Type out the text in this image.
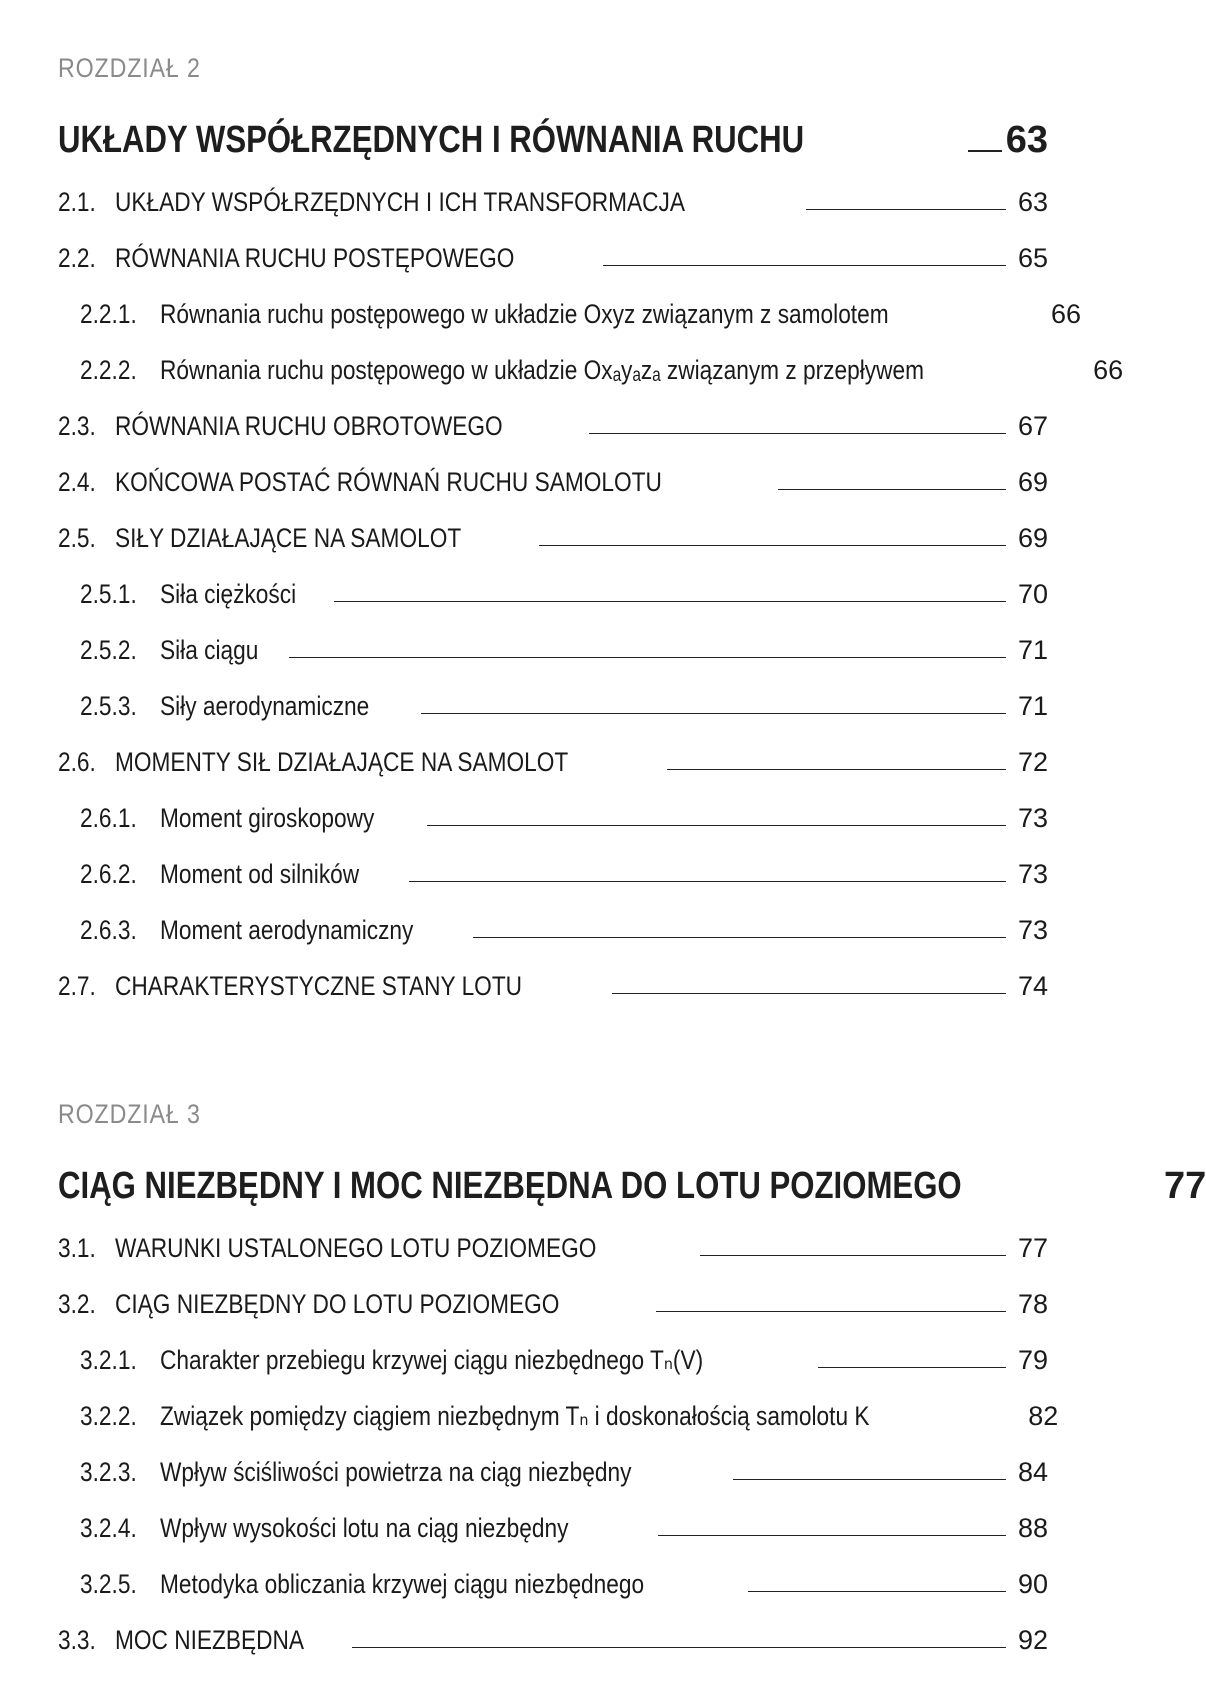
ROZDZIAŁ 2
UKŁADY WSPÓŁRZĘDNYCH I RÓWNANIA RUCHU	63
2.1. UKŁADY WSPÓŁRZĘDNYCH I ICH TRANSFORMACJA	63
2.2. RÓWNANIA RUCHU POSTĘPOWEGO	65
2.2.1. Równania ruchu postępowego w układzie Oxyz związanym z samolotem	66
2.2.2. Równania ruchu postępowego w układzie Oxₐyₐzₐ związanym z przepływem	66
2.3. RÓWNANIA RUCHU OBROTOWEGO	67
2.4. KOŃCOWA POSTAĆ RÓWNAŃ RUCHU SAMOLOTU	69
2.5. SIŁY DZIAŁAJĄCE NA SAMOLOT	69
2.5.1. Siła ciężkości	70
2.5.2. Siła ciągu	71
2.5.3. Siły aerodynamiczne	71
2.6. MOMENTY SIŁ DZIAŁAJĄCE NA SAMOLOT	72
2.6.1. Moment giroskopowy	73
2.6.2. Moment od silników	73
2.6.3. Moment aerodynamiczny	73
2.7. CHARAKTERYSTYCZNE STANY LOTU	74
ROZDZIAŁ 3
CIĄG NIEZBĘDNY I MOC NIEZBĘDNA DO LOTU POZIOMEGO	77
3.1. WARUNKI USTALONEGO LOTU POZIOMEGO	77
3.2. CIĄG NIEZBĘDNY DO LOTU POZIOMEGO	78
3.2.1. Charakter przebiegu krzywej ciągu niezbędnego Tₙ(V)	79
3.2.2. Związek pomiędzy ciągiem niezbędnym Tₙ i doskonałością samolotu K	82
3.2.3. Wpływ ściśliwości powietrza na ciąg niezbędny	84
3.2.4. Wpływ wysokości lotu na ciąg niezbędny	88
3.2.5. Metodyka obliczania krzywej ciągu niezbędnego	90
3.3. MOC NIEZBĘDNA	92
